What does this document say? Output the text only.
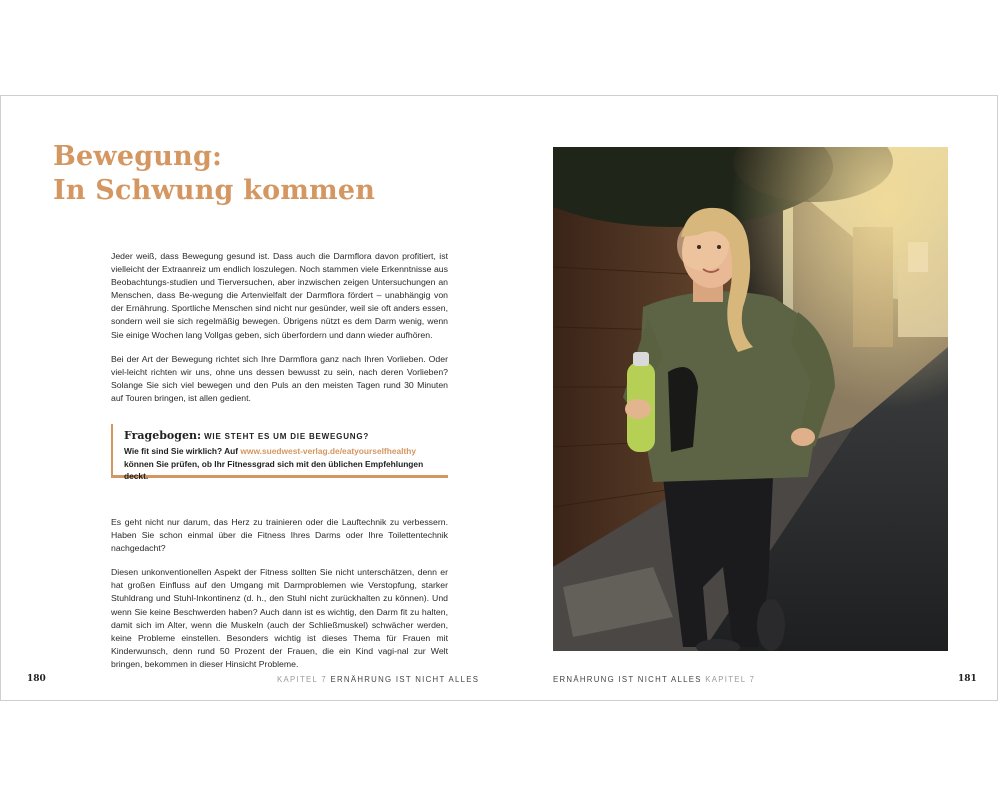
Bewegung:
In Schwung kommen

Jeder weiß, dass Bewegung gesund ist. Dass auch die Darmflora davon profitiert, ist vielleicht der Extraanreiz um endlich loszulegen. Noch stammen viele Erkenntnisse aus Beobachtungs-studien und Tierversuchen, aber inzwischen zeigen Untersuchungen an Menschen, dass Be-wegung die Artenvielfalt der Darmflora fördert – unabhängig von der Ernährung. Sportliche Menschen sind nicht nur gesünder, weil sie oft anders essen, sondern weil sie sich regelmäßig bewegen. Übrigens nützt es dem Darm wenig, wenn Sie einige Wochen lang Vollgas geben, sich überfordern und dann wieder aufhören.

Bei der Art der Bewegung richtet sich Ihre Darmflora ganz nach Ihren Vorlieben. Oder viel-leicht richten wir uns, ohne uns dessen bewusst zu sein, nach deren Vorlieben? Solange Sie sich viel bewegen und den Puls an den meisten Tagen rund 30 Minuten auf Touren bringen, ist allen gedient.

Fragebogen: WIE STEHT ES UM DIE BEWEGUNG?
Wie fit sind Sie wirklich? Auf www.suedwest-verlag.de/eatyourselfhealthy können Sie prüfen, ob Ihr Fitnessgrad sich mit den üblichen Empfehlungen deckt.

Es geht nicht nur darum, das Herz zu trainieren oder die Lauftechnik zu verbessern. Haben Sie schon einmal über die Fitness Ihres Darms oder Ihre Toilettentechnik nachgedacht?

Diesen unkonventionellen Aspekt der Fitness sollten Sie nicht unterschätzen, denn er hat großen Einfluss auf den Umgang mit Darmproblemen wie Verstopfung, starker Stuhldrang und Stuhl-Inkontinenz (d. h., den Stuhl nicht zurückhalten zu können). Und wenn Sie keine Beschwerden haben? Auch dann ist es wichtig, den Darm fit zu halten, damit sich im Alter, wenn die Muskeln (auch der Schließmuskel) schwächer werden, keine Probleme einstellen. Besonders wichtig ist dieses Thema für Frauen mit Kinderwunsch, denn rund 50 Prozent der Frauen, die ein Kind vagi-nal zur Welt bringen, bekommen in dieser Hinsicht Probleme.

180	KAPITEL 7 ERNÄHRUNG IST NICHT ALLES	ERNÄHRUNG IST NICHT ALLES KAPITEL 7	181
